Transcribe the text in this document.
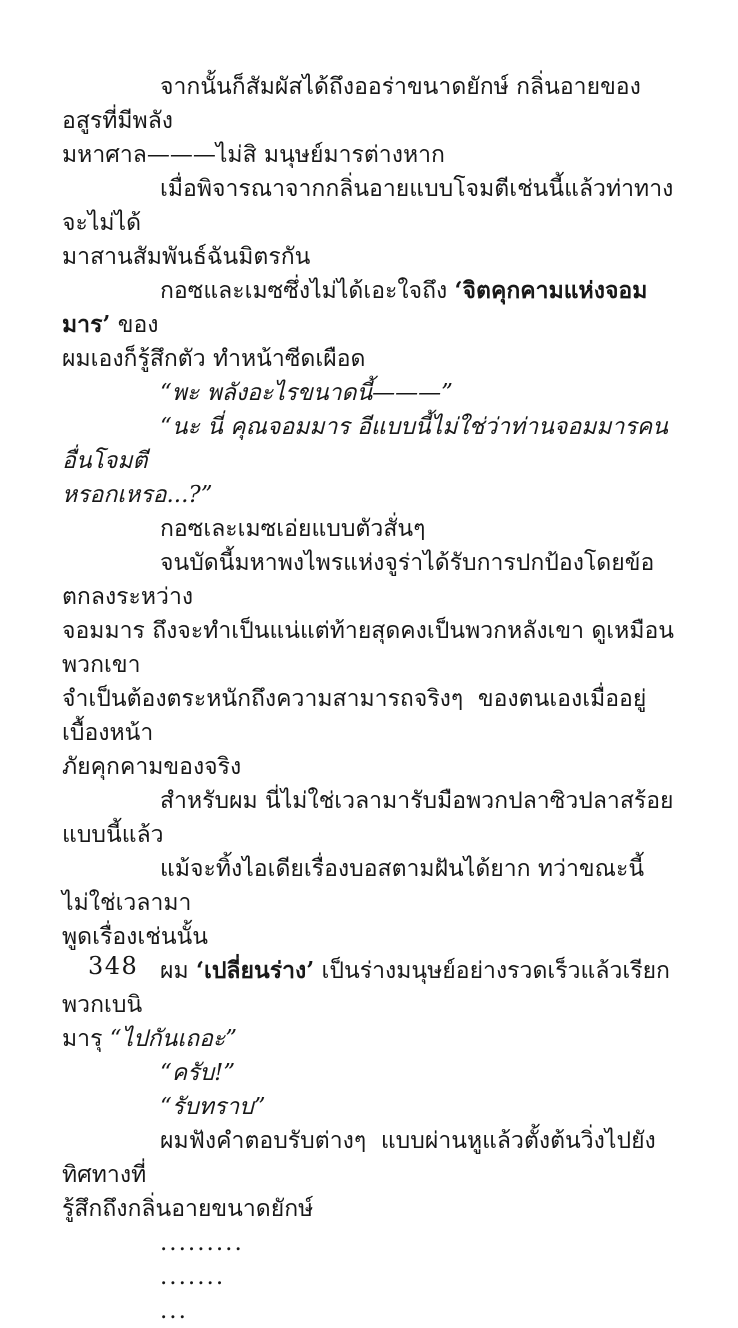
จากนั้นก็สัมผัสได้ถึงออร่าขนาดยักษ์ กลิ่นอายของอสูรที่มีพลัง
มหาศาล———ไม่สิ มนุษย์มารต่างหาก

เมื่อพิจารณาจากกลิ่นอายแบบโจมตีเช่นนี้แล้วท่าทางจะไม่ได้
มาสานสัมพันธ์ฉันมิตรกัน

กอซและเมซซึ่งไม่ได้เอะใจถึง ‘จิตคุกคามแห่งจอมมาร’ ของ
ผมเองก็รู้สึกตัว ทำหน้าซีดเผือด

“พะ พลังอะไรขนาดนี้———”

“นะ นี่ คุณจอมมาร อีแบบนี้ไม่ใช่ว่าท่านจอมมารคนอื่นโจมตี
หรอกเหรอ...?”

กอซเละเมซเอ่ยแบบตัวสั่นๆ

จนบัดนี้มหาพงไพรแห่งจูร่าได้รับการปกป้องโดยข้อตกลงระหว่าง
จอมมาร ถึงจะทำเป็นแน่แต่ท้ายสุดคงเป็นพวกหลังเขา ดูเหมือนพวกเขา
จำเป็นต้องตระหนักถึงความสามารถจริงๆ  ของตนเองเมื่ออยู่เบื้องหน้า
ภัยคุกคามของจริง

สำหรับผม นี่ไม่ใช่เวลามารับมือพวกปลาซิวปลาสร้อยแบบนี้แล้ว

แม้จะทิ้งไอเดียเรื่องบอสตามฝันได้ยาก ทว่าขณะนี้ไม่ใช่เวลามา
พูดเรื่องเช่นนั้น

ผม ‘เปลี่ยนร่าง’ เป็นร่างมนุษย์อย่างรวดเร็วแล้วเรียกพวกเบนิ
มารุ “ไปกันเถอะ”

“ครับ!”

“รับทราบ”

ผมฟังคำตอบรับต่างๆ  แบบผ่านหูแล้วตั้งต้นวิ่งไปยังทิศทางที่
รู้สึกถึงกลิ่นอายขนาดยักษ์

.........

.......

...

348
